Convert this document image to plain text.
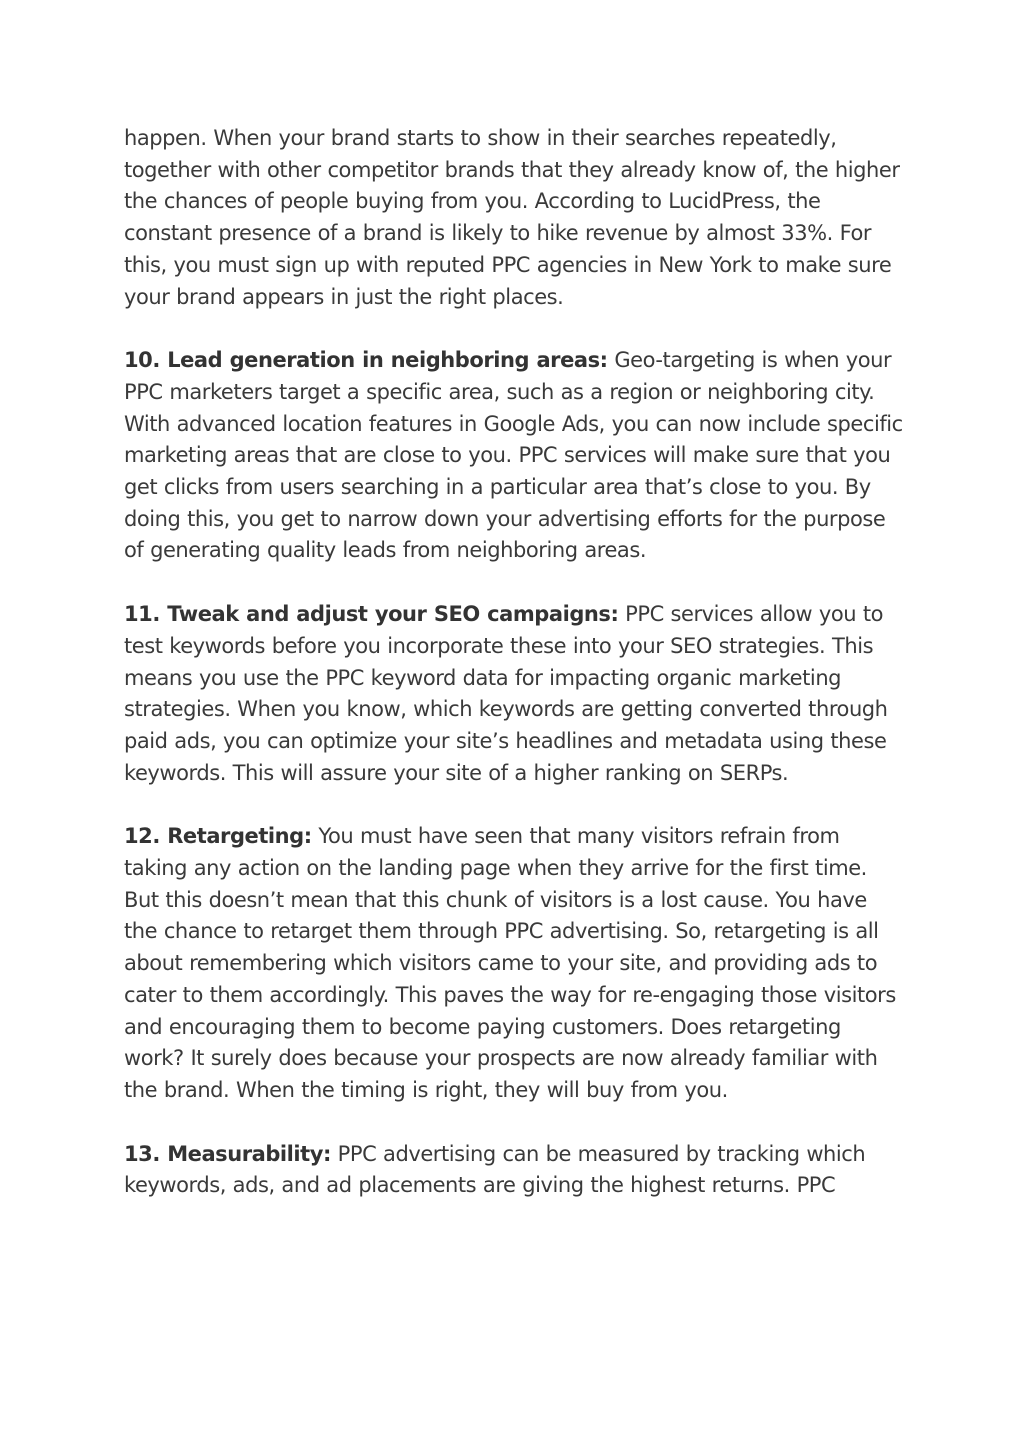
happen. When your brand starts to show in their searches repeatedly, together with other competitor brands that they already know of, the higher the chances of people buying from you. According to LucidPress, the constant presence of a brand is likely to hike revenue by almost 33%. For this, you must sign up with reputed PPC agencies in New York to make sure your brand appears in just the right places.

10. Lead generation in neighboring areas: Geo-targeting is when your PPC marketers target a specific area, such as a region or neighboring city. With advanced location features in Google Ads, you can now include specific marketing areas that are close to you. PPC services will make sure that you get clicks from users searching in a particular area that’s close to you. By doing this, you get to narrow down your advertising efforts for the purpose of generating quality leads from neighboring areas.

11. Tweak and adjust your SEO campaigns: PPC services allow you to test keywords before you incorporate these into your SEO strategies. This means you use the PPC keyword data for impacting organic marketing strategies. When you know, which keywords are getting converted through paid ads, you can optimize your site’s headlines and metadata using these keywords. This will assure your site of a higher ranking on SERPs.

12. Retargeting: You must have seen that many visitors refrain from taking any action on the landing page when they arrive for the first time. But this doesn’t mean that this chunk of visitors is a lost cause. You have the chance to retarget them through PPC advertising. So, retargeting is all about remembering which visitors came to your site, and providing ads to cater to them accordingly. This paves the way for re-engaging those visitors and encouraging them to become paying customers. Does retargeting work? It surely does because your prospects are now already familiar with the brand. When the timing is right, they will buy from you.

13. Measurability: PPC advertising can be measured by tracking which keywords, ads, and ad placements are giving the highest returns. PPC
